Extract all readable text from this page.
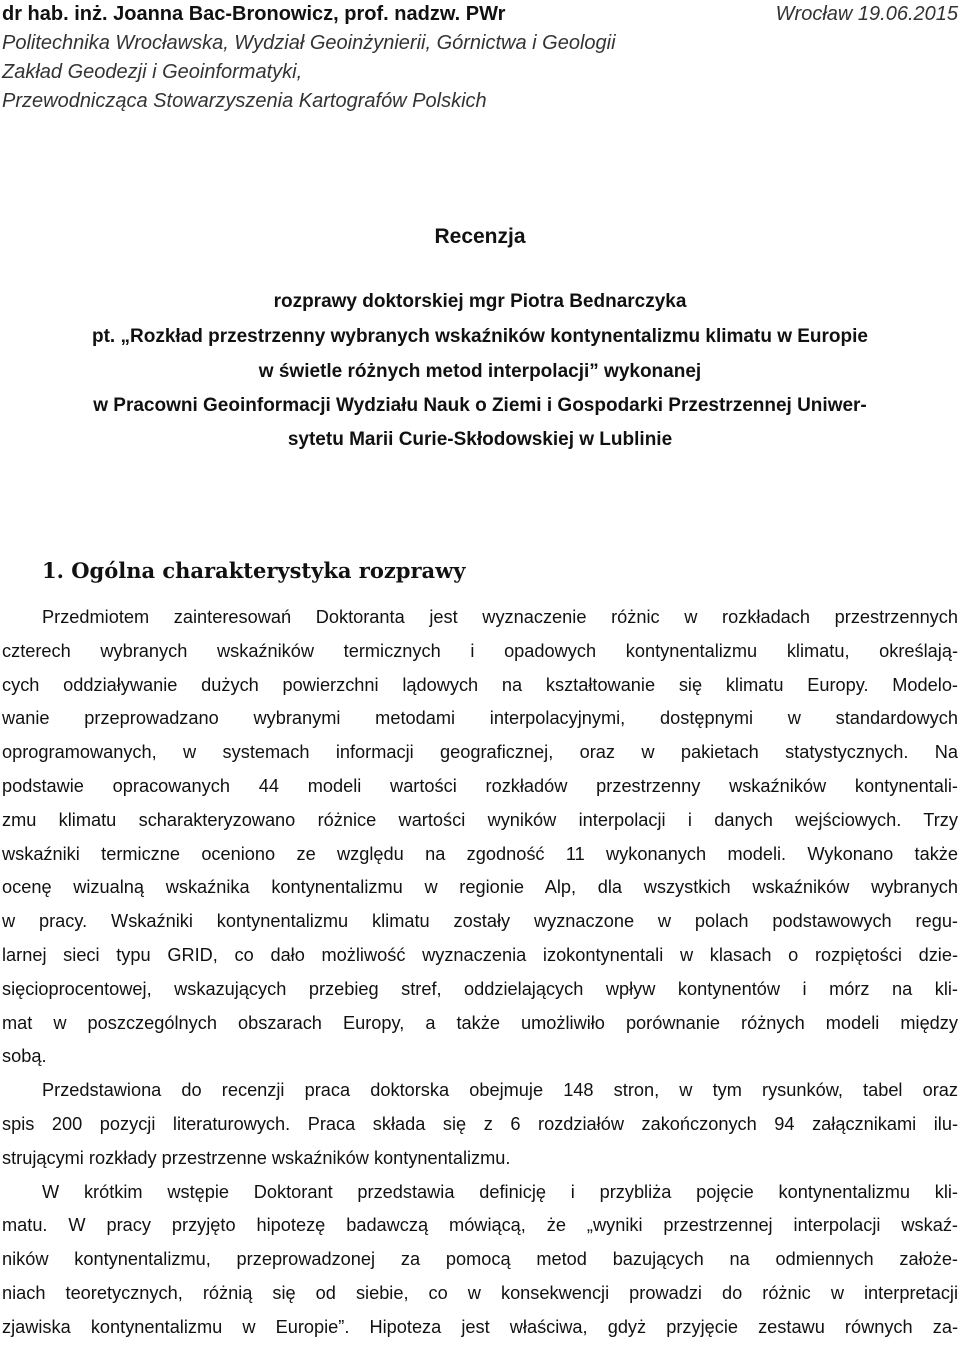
dr hab. inż. Joanna Bac-Bronowicz, prof. nadzw. PWr	Wrocław 19.06.2015
Politechnika Wrocławska, Wydział Geoinżynierii, Górnictwa i Geologii
Zakład Geodezji i Geoinformatyki,
Przewodnicząca Stowarzyszenia Kartografów Polskich
Recenzja
rozprawy doktorskiej mgr Piotra Bednarczyka
pt. „Rozkład przestrzenny wybranych wskaźników kontynentalizmu klimatu w Europie
w świetle różnych metod interpolacji” wykonanej
w Pracowni Geoinformacji Wydziału Nauk o Ziemi i Gospodarki Przestrzennej Uniwer-
sytetu Marii Curie-Skłodowskiej w Lublinie
1. Ogólna charakterystyka rozprawy
Przedmiotem zainteresowań Doktoranta jest wyznaczenie różnic w rozkładach przestrzennych
czterech wybranych wskaźników termicznych i opadowych kontynentalizmu klimatu, określają-
cych oddziaływanie dużych powierzchni lądowych na kształtowanie się klimatu Europy. Modelo-
wanie przeprowadzano wybranymi metodami interpolacyjnymi, dostępnymi w standardowych
oprogramowanych, w systemach informacji geograficznej, oraz w pakietach statystycznych. Na
podstawie opracowanych 44 modeli wartości rozkładów przestrzenny wskaźników kontynentali-
zmu klimatu scharakteryzowano różnice wartości wyników interpolacji i danych wejściowych. Trzy
wskaźniki termiczne oceniono ze względu na zgodność 11 wykonanych modeli. Wykonano także
ocenę wizualną wskaźnika kontynentalizmu w regionie Alp, dla wszystkich wskaźników wybranych
w pracy. Wskaźniki kontynentalizmu klimatu zostały wyznaczone w polach podstawowych regu-
larnej sieci typu GRID, co dało możliwość wyznaczenia izokontynentali w klasach o rozpiętości dzie-
sięcioprocentowej, wskazujących przebieg stref, oddzielających wpływ kontynentów i mórz na kli-
mat w poszczególnych obszarach Europy, a także umożliwiło porównanie różnych modeli między
sobą.
Przedstawiona do recenzji praca doktorska obejmuje 148 stron, w tym rysunków, tabel oraz
spis 200 pozycji literaturowych. Praca składa się z 6 rozdziałów zakończonych 94 załącznikami ilu-
strującymi rozkłady przestrzenne wskaźników kontynentalizmu.
W krótkim wstępie Doktorant przedstawia definicję i przybliża pojęcie kontynentalizmu kli-
matu. W pracy przyjęto hipotezę badawczą mówiącą, że „wyniki przestrzennej interpolacji wskaź-
ników kontynentalizmu, przeprowadzonej za pomocą metod bazujących na odmiennych założe-
niach teoretycznych, różnią się od siebie, co w konsekwencji prowadzi do różnic w interpretacji
zjawiska kontynentalizmu w Europie”. Hipoteza jest właściwa, gdyż przyjęcie zestawu równych za-
